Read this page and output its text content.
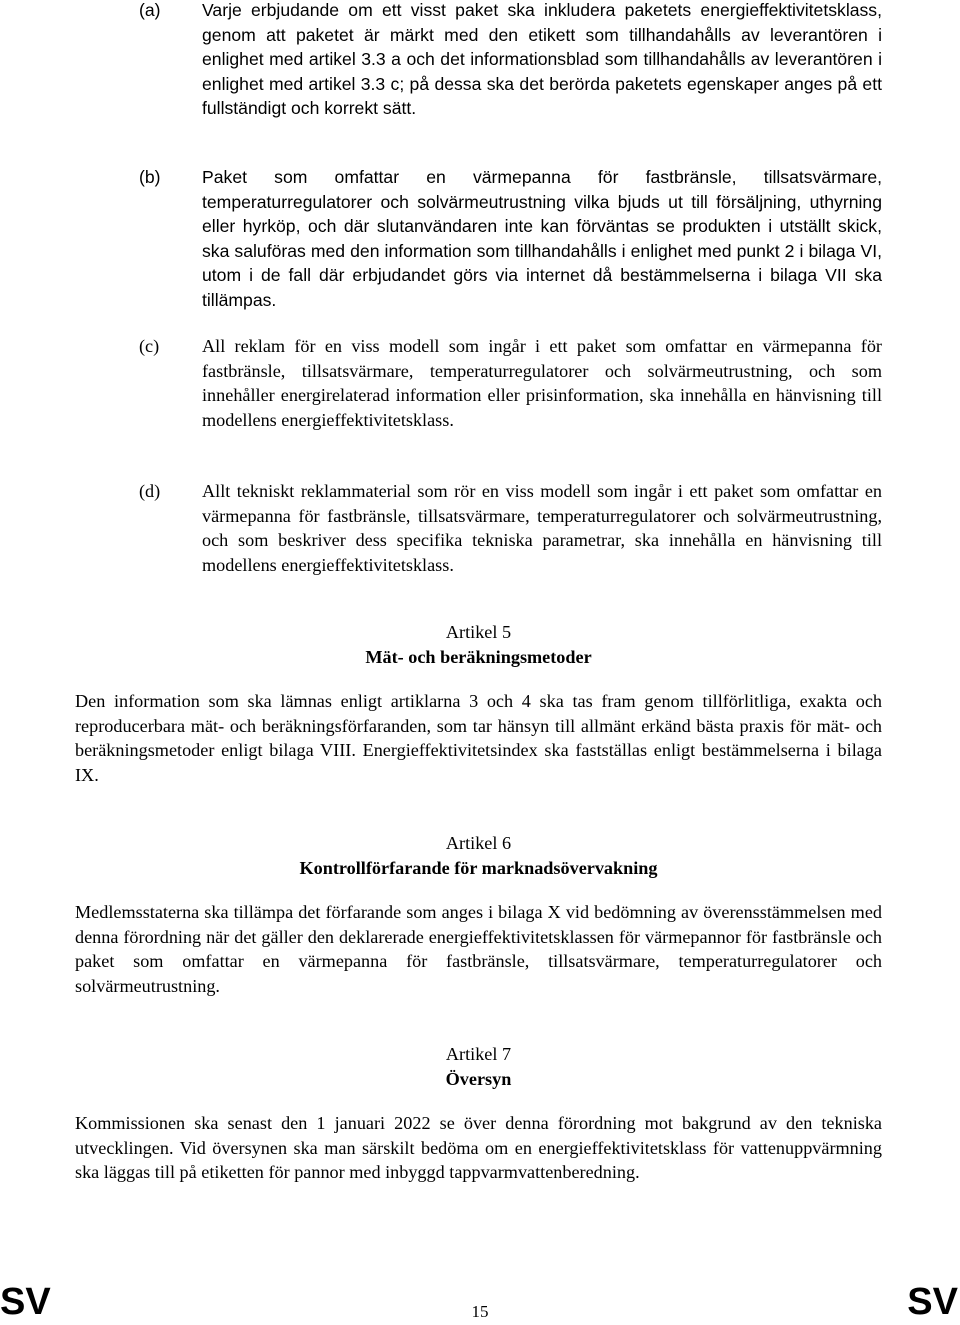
(a)	Varje erbjudande om ett visst paket ska inkludera paketets energieffektivitetsklass, genom att paketet är märkt med den etikett som tillhandahålls av leverantören i enlighet med artikel 3.3 a och det informationsblad som tillhandahålls av leverantören i enlighet med artikel 3.3 c; på dessa ska det berörda paketets egenskaper anges på ett fullständigt och korrekt sätt.

(b)	Paket som omfattar en värmepanna för fastbränsle, tillsatsvärmare, temperaturregulatorer och solvärmeutrustning vilka bjuds ut till försäljning, uthyrning eller hyrköp, och där slutanvändaren inte kan förväntas se produkten i utställt skick, ska saluföras med den information som tillhandahålls i enlighet med punkt 2 i bilaga VI, utom i de fall där erbjudandet görs via internet då bestämmelserna i bilaga VII ska tillämpas.

(c)	All reklam för en viss modell som ingår i ett paket som omfattar en värmepanna för fastbränsle, tillsatsvärmare, temperaturregulatorer och solvärmeutrustning, och som innehåller energirelaterad information eller prisinformation, ska innehålla en hänvisning till modellens energieffektivitetsklass.

(d)	Allt tekniskt reklammaterial som rör en viss modell som ingår i ett paket som omfattar en värmepanna för fastbränsle, tillsatsvärmare, temperaturregulatorer och solvärmeutrustning, och som beskriver dess specifika tekniska parametrar, ska innehålla en hänvisning till modellens energieffektivitetsklass.

Artikel 5

Mät- och beräkningsmetoder

Den information som ska lämnas enligt artiklarna 3 och 4 ska tas fram genom tillförlitliga, exakta och reproducerbara mät- och beräkningsförfaranden, som tar hänsyn till allmänt erkänd bästa praxis för mät- och beräkningsmetoder enligt bilaga VIII. Energieffektivitetsindex ska fastställas enligt bestämmelserna i bilaga IX.

Artikel 6

Kontrollförfarande för marknadsövervakning

Medlemsstaterna ska tillämpa det förfarande som anges i bilaga X vid bedömning av överensstämmelsen med denna förordning när det gäller den deklarerade energieffektivitetsklassen för värmepannor för fastbränsle och paket som omfattar en värmepanna för fastbränsle, tillsatsvärmare, temperaturregulatorer och solvärmeutrustning.

Artikel 7

Översyn

Kommissionen ska senast den 1 januari 2022 se över denna förordning mot bakgrund av den tekniska utvecklingen. Vid översynen ska man särskilt bedöma om en energieffektivitetsklass för vattenuppvärmning ska läggas till på etiketten för pannor med inbyggd tappvarmvattenberedning.

SV	15	SV
